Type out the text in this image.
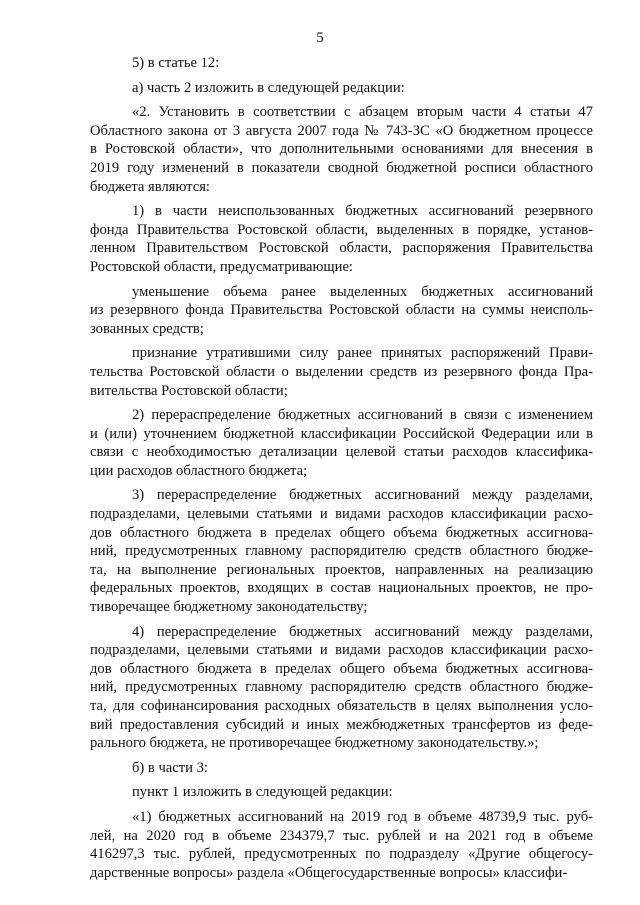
5
5) в статье 12:
а) часть 2 изложить в следующей редакции:
«2. Установить в соответствии с абзацем вторым части 4 статьи 47
Областного закона от 3 августа 2007 года № 743-ЗС «О бюджетном процессе
в Ростовской области», что дополнительными основаниями для внесения в
2019 году изменений в показатели сводной бюджетной росписи областного
бюджета являются:
1) в части неиспользованных бюджетных ассигнований резервного
фонда Правительства Ростовской области, выделенных в порядке, установ-
ленном Правительством Ростовской области, распоряжения Правительства
Ростовской области, предусматривающие:
уменьшение объема ранее выделенных бюджетных ассигнований
из резервного фонда Правительства Ростовской области на суммы неисполь-
зованных средств;
признание утратившими силу ранее принятых распоряжений Прави-
тельства Ростовской области о выделении средств из резервного фонда Пра-
вительства Ростовской области;
2) перераспределение бюджетных ассигнований в связи с изменением
и (или) уточнением бюджетной классификации Российской Федерации или в
связи с необходимостью детализации целевой статьи расходов классифика-
ции расходов областного бюджета;
3) перераспределение бюджетных ассигнований между разделами,
подразделами, целевыми статьями и видами расходов классификации расхо-
дов областного бюджета в пределах общего объема бюджетных ассигнова-
ний, предусмотренных главному распорядителю средств областного бюдже-
та, на выполнение региональных проектов, направленных на реализацию
федеральных проектов, входящих в состав национальных проектов, не про-
тиворечащее бюджетному законодательству;
4) перераспределение бюджетных ассигнований между разделами,
подразделами, целевыми статьями и видами расходов классификации расхо-
дов областного бюджета в пределах общего объема бюджетных ассигнова-
ний, предусмотренных главному распорядителю средств областного бюдже-
та, для софинансирования расходных обязательств в целях выполнения усло-
вий предоставления субсидий и иных межбюджетных трансфертов из феде-
рального бюджета, не противоречащее бюджетному законодательству.»;
б) в части 3:
пункт 1 изложить в следующей редакции:
«1) бюджетных ассигнований на 2019 год в объеме 48739,9 тыс. руб-
лей, на 2020 год в объеме 234379,7 тыс. рублей и на 2021 год в объеме
416297,3 тыс. рублей, предусмотренных по подразделу «Другие общегосу-
дарственные вопросы» раздела «Общегосударственные вопросы» классифи-
